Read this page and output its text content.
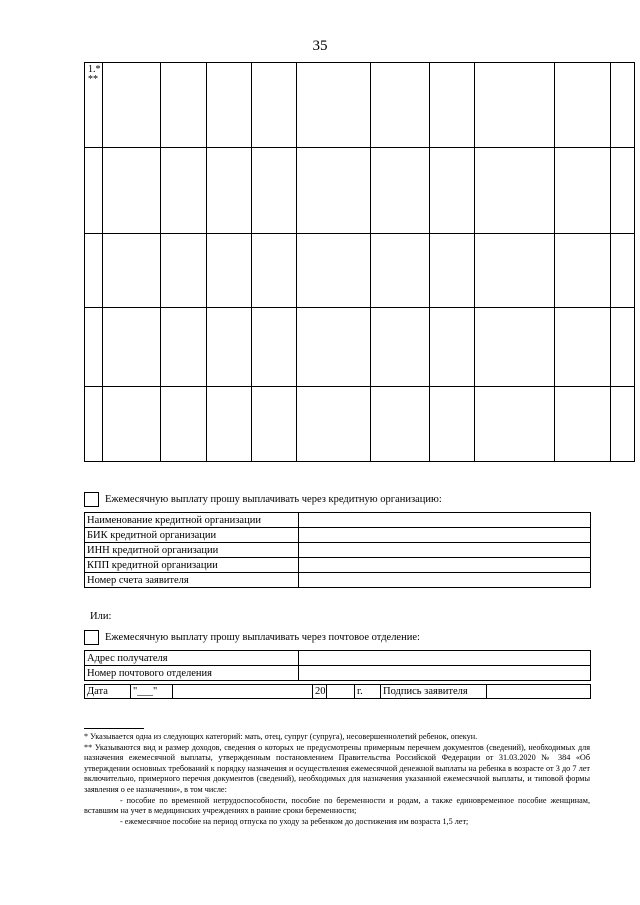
35
1.*
**										

Ежемесячную выплату прошу выплачивать через кредитную организацию:
Наименование кредитной организации	
БИК кредитной организации	
ИНН кредитной организации	
КПП кредитной организации	
Номер счета заявителя	
Или:
Ежемесячную выплату прошу выплачивать через почтовое отделение:
Адрес получателя	
Номер почтового отделения	
Дата	"___"		20		г.	Подпись заявителя	

* Указывается одна из следующих категорий: мать, отец, супруг (супруга), несовершеннолетий ребенок, опекун.

** Указываются вид и размер доходов, сведения о которых не предусмотрены примерным перечнем документов (сведений), необходимых для назначения ежемесячной выплаты, утвержденным постановлением Правительства Российской Федерации от 31.03.2020 № 384 «Об утверждении основных требований к порядку назначения и осуществления ежемесячной денежной выплаты на ребенка в возрасте от 3 до 7 лет включительно, примерного перечня документов (сведений), необходимых для назначения указанной ежемесячной выплаты, и типовой формы заявления о ее назначении», в том числе:

- пособие по временной нетрудоспособности, пособие по беременности и родам, а также единовременное пособие женщинам, вставшим на учет в медицинских учреждениях в ранние сроки беременности;

- ежемесячное пособие на период отпуска по уходу за ребенком до достижения им возраста 1,5 лет;
